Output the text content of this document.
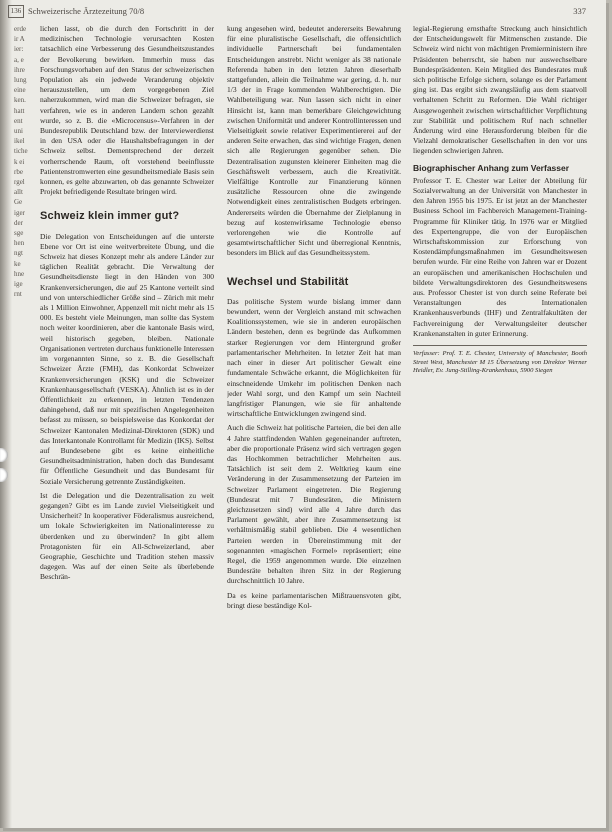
erde
ir A
ier:
a, e
ihre
lung
eine
ken.
hatt
ent
uni
ikel
tiche
k ei
rbe
rgel
allt
Ge
iger
der
sge
hen
ngt
ke
hne
ige
rnt
136 Schweizerische Ärztezeitung 70/8	337

lichen lasst, ob die durch den Fortschritt in der medizinischen Technologie verursachten Kosten tatsachlich eine Verbesserung des Gesundheitszustandes der Bevolkerung bewirken. Immerhin muss das Forschungsvorhaben auf den Status der schweizerischen Population als ein jedwede Veranderung objektiv herauszustellen, um dem vorgegebenen Ziel naherzukommen, wird man die Schweizer befragen, sie verfahren, wie es in anderen Landern schon gezahlt wurde, so z. B. die «Microcensus»-Verfahren in der Bundesrepublik Deutschland bzw. der Interviewerdienst in den USA oder die Haushaltsbefragungen in der Schweiz selbst. Dementsprechend der derzeit vorherrschende Raum, oft vorstehend beeinflusste Patientenstromwerten eine gesundheitsmediale Basis sein konnen, es gelte abzuwarten, ob das genannte Schweizer Projekt befriedigende Resultate bringen wird.

Schweiz klein immer gut?

Die Delegation von Entscheidungen auf die unterste Ebene vor Ort ist eine weitverbreitete Übung, und die Schweiz hat dieses Konzept mehr als andere Länder zur täglichen Realität gebracht. Die Verwaltung der Gesundheitsdienste liegt in den Händen von 300 Krankenversicherungen, die auf 25 Kantone verteilt sind und von unterschiedlicher Größe sind – Zürich mit mehr als 1 Million Einwohner, Appenzell mit nicht mehr als 15 000. Es besteht viele Meinungen, man sollte das System noch weiter koordinieren, aber die kantonale Basis wird, weil historisch gegeben, bleiben. Nationale Organisationen vertreten durchaus funktionelle Interessen im vorgenannten Sinne, so z. B. die Gesellschaft Schweizer Ärzte (FMH), das Konkordat Schweizer Krankenversicherungen (KSK) und die Schweizer Krankenhausgesellschaft (VESKA). Ähnlich ist es in der Öffentlichkeit zu erkennen, in letzten Tendenzen dahingehend, daß nur mit spezifischen Angelegenheiten befasst zu müssen, so beispielsweise das Konkordat der Schweizer Kantonalen Medizinal-Direktoren (SDK) und das Interkantonale Kontrollamt für Medizin (IKS). Selbst auf Bundesebene gibt es keine einheitliche Gesundheitsadministration, haben doch das Bundesamt für Öffentliche Gesundheit und das Bundesamt für Soziale Versicherung getrennte Zuständigkeiten.

Ist die Delegation und die Dezentralisation zu weit gegangen? Gibt es im Lande zuviel Vielseitigkeit und Unsicherheit? In kooperativer Föderalismus ausreichend, um lokale Schwierigkeiten im Nationalinteresse zu überdenken und zu überwinden? In gibt allem Protagonisten für ein All-Schweizerland, aber Geographie, Geschichte und Tradition stehen massiv dagegen. Was auf der einen Seite als überlebende Beschrän-

kung angesehen wird, bedeutet andererseits Bewahrung für eine pluralistische Gesellschaft, die offensichtlich individuelle Partnerschaft bei fundamentalen Entscheidungen anstrebt. Nicht weniger als 38 nationale Referenda haben in den letzten Jahren dieserhalb stattgefunden, allein die Teilnahme war gering, d. h. nur 1/3 der in Frage kommenden Wahlberechtigten. Die Wahlbeteiligung war. Nun lassen sich nicht in einer Hinsicht ist, kann man bemerkbare Gleichgewichtung zwischen Uniformität und anderer Kontrollinteressen und Vielseitigkeit sowie relativer Experimentiererei auf der anderen Seite erwachen, das sind wichtige Fragen, denen sich alle Regierungen gegenüber sehen. Die Dezentralisation zugunsten kleinerer Einheiten mag die Geschäftswelt verbessern, auch die Kreativität. Vielfältige Kontrolle zur Finanzierung können zusätzliche Ressourcen ohne die zwingende Notwendigkeit eines zentralistischen Budgets erbringen. Andererseits würden die Übernahme der Zielplanung in bezug auf kostenwirksame Technologie ebenso verlorengehen wie die Kontrolle auf gesamtwirtschaftlicher Sicht und überregional Kenntnis, besonders im Blick auf das Gesundheitssystem.

Wechsel und Stabilität

Das politische System wurde bislang immer dann bewundert, wenn der Vergleich anstand mit schwachen Koalitionssystemen, wie sie in anderen europäischen Ländern bestehen, denn es begründe das Aufkommen starker Regierungen vor dem Hintergrund großer parlamentarischer Mehrheiten. In letzter Zeit hat man nach einer in dieser Art politischer Gewalt eine fundamentale Schwäche erkannt, die Möglichkeiten für einschneidende Umkehr im politischen Denken nach jeder Wahl sorgt, und den Kampf um sein Nachteil langfristiger Planungen, wie sie für anhaltende wirtschaftliche Entwicklungen zwingend sind.

Auch die Schweiz hat politische Parteien, die bei den alle 4 Jahre stattfindenden Wahlen gegeneinander auftreten, aber die proportionale Präsenz wird sich vertragen gegen das Hochkommen betrachtlicher Mehrheiten aus. Tatsächlich ist seit dem 2. Weltkrieg kaum eine Veränderung in der Zusammensetzung der Parteien im Schweizer Parlament eingetreten. Die Regierung (Bundesrat mit 7 Bundesräten, die Ministern gleichzusetzen sind) wird alle 4 Jahre durch das Parlament gewählt, aber ihre Zusammensetzung ist verhältnismäßig stabil geblieben. Die 4 wesentlichen Parteien werden in Übereinstimmung mit der sogenannten «magischen Formel» repräsentiert; eine Regel, die 1959 angenommen wurde. Die einzelnen Bundesräte behalten ihren Sitz in der Regierung durchschnittlich 10 Jahre.

Da es keine parlamentarischen Mißtrauensvoten gibt, bringt diese beständige Kol-

legial-Regierung ernsthafte Streckung auch hinsichtlich der Entscheidungswelt für Mitmenschen zustande. Die Schweiz wird nicht von mächtigen Premierministern ihre Präsidenten beherrscht, sie haben nur auswechselbare Bundespräsidenten. Kein Mitglied des Bundesrates muß sich politische Erfolge sichern, solange es der Parlament ging ist. Das ergibt sich zwangsläufig aus dem staatvoll verhaltenen Schritt zu Reformen. Die Wahl richtiger Ausgewogenheit zwischen wirtschaftlicher Verpflichtung zur Stabilität und politischem Ruf nach schneller Änderung wird eine Herausforderung bleiben für die Vielzahl demokratischer Gesellschaften in den vor uns liegenden schwierigen Jahren.

Biographischer Anhang zum Verfasser

Professor T. E. Chester war Leiter der Abteilung für Sozialverwaltung an der Universität von Manchester in den Jahren 1955 bis 1975. Er ist jetzt an der Manchester Business School im Fachbereich Management-Training-Programme für Kliniker tätig. In 1976 war er Mitglied des Expertengruppe, die von der Europäischen Wirtschaftskommission zur Erforschung von Kostendämpfungsmaßnahmen im Gesundheitswesen berufen wurde. Für eine Reihe von Jahren war er Dozent an europäischen und amerikanischen Hochschulen und bildete Verwaltungsdirektoren des Gesundheitswesens aus. Professor Chester ist von durch seine Referate bei Veranstaltungen des Internationalen Krankenhausverbunds (IHF) und Zentralfakultäten der Fachvereinigung der Verwaltungsleiter deutscher Krankenanstalten in guter Erinnerung.

Verfasser: Prof. T. E. Chester, University of Manchester, Booth Street West, Manchester M 15 Übersetzung von Direktor Werner Heidler, Ev. Jung-Stilling-Krankenhaus, 5900 Siegen
